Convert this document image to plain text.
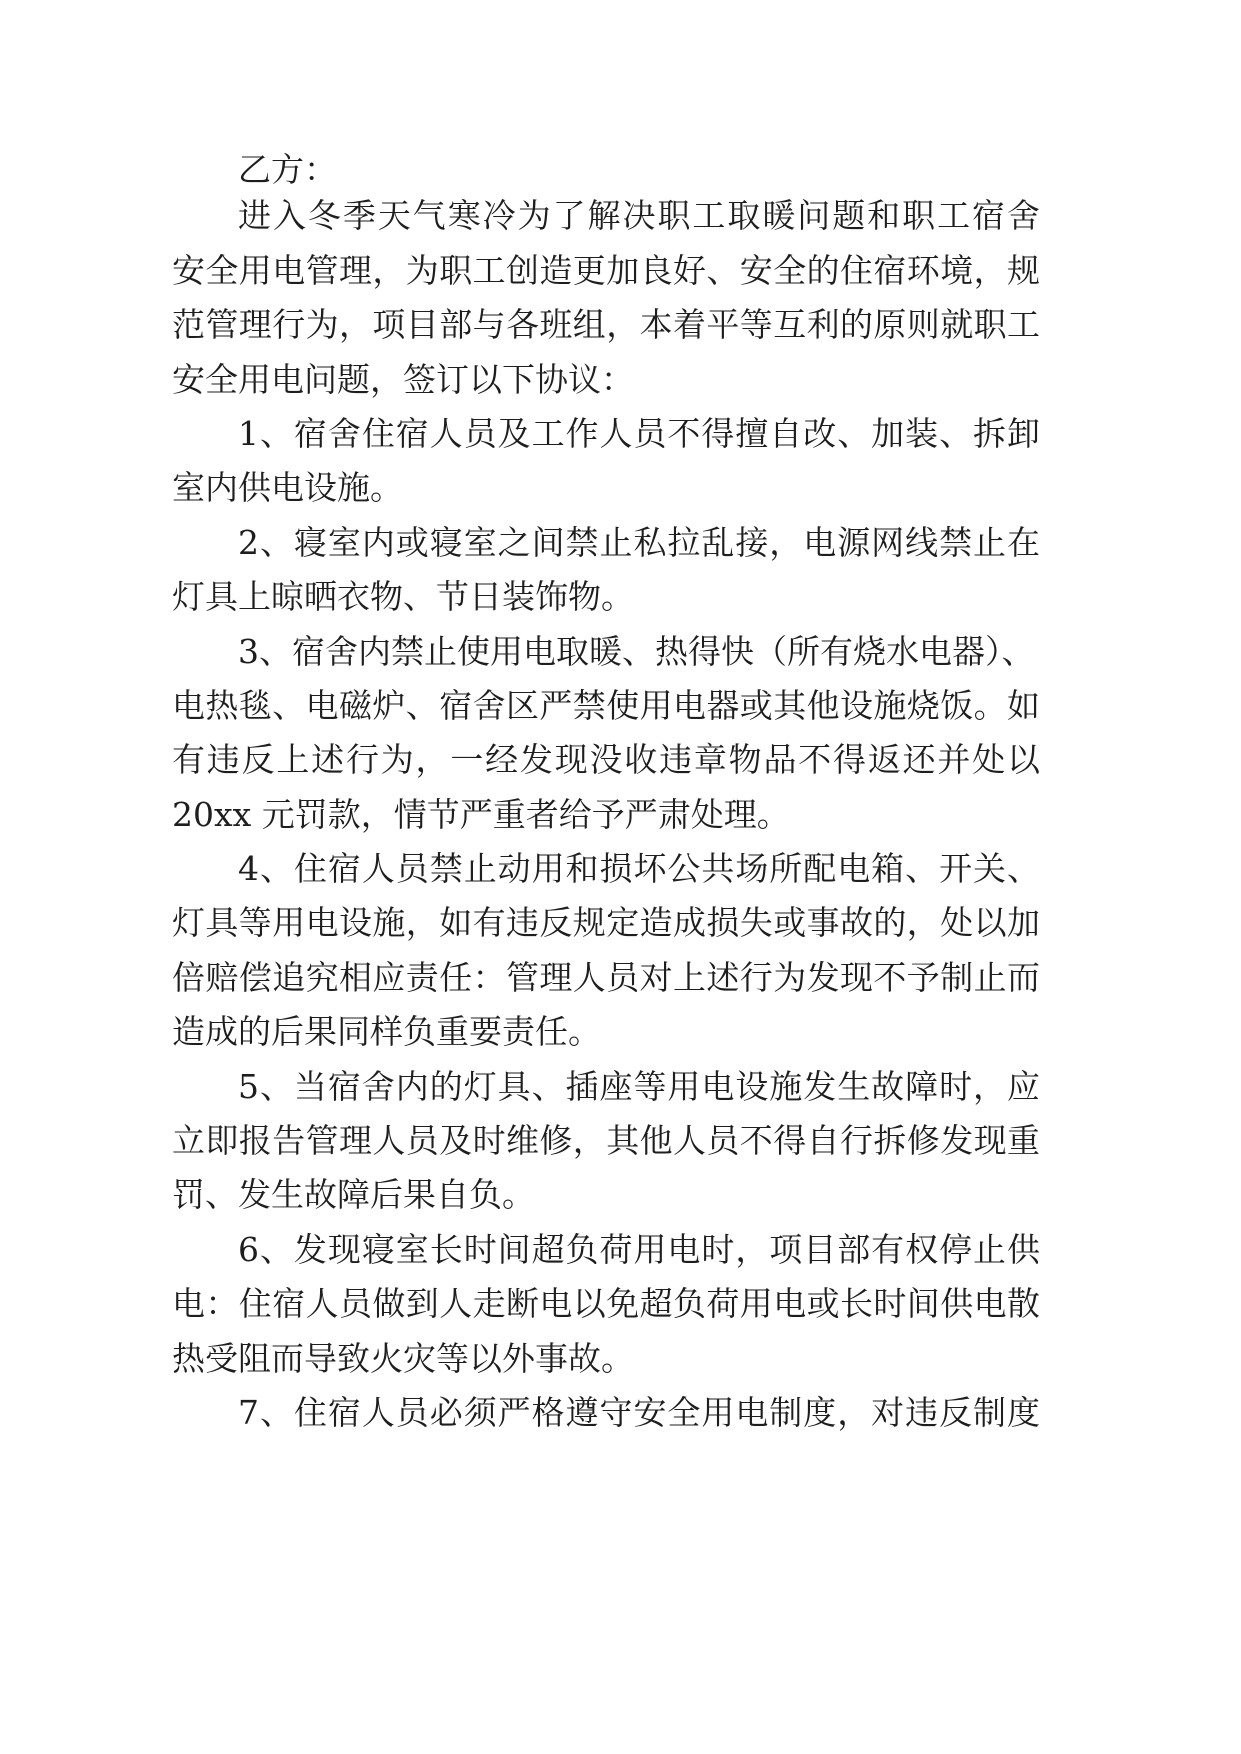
乙方：
进入冬季天气寒冷为了解决职工取暖问题和职工宿舍
安全用电管理，为职工创造更加良好、安全的住宿环境，规
范管理行为，项目部与各班组，本着平等互利的原则就职工
安全用电问题，签订以下协议：
1、宿舍住宿人员及工作人员不得擅自改、加装、拆卸
室内供电设施。
2、寝室内或寝室之间禁止私拉乱接，电源网线禁止在
灯具上晾晒衣物、节日装饰物。
3、宿舍内禁止使用电取暖、热得快（所有烧水电器）、
电热毯、电磁炉、宿舍区严禁使用电器或其他设施烧饭。如
有违反上述行为，一经发现没收违章物品不得返还并处以
20xx 元罚款，情节严重者给予严肃处理。
4、住宿人员禁止动用和损坏公共场所配电箱、开关、
灯具等用电设施，如有违反规定造成损失或事故的，处以加
倍赔偿追究相应责任：管理人员对上述行为发现不予制止而
造成的后果同样负重要责任。
5、当宿舍内的灯具、插座等用电设施发生故障时，应
立即报告管理人员及时维修，其他人员不得自行拆修发现重
罚、发生故障后果自负。
6、发现寝室长时间超负荷用电时，项目部有权停止供
电：住宿人员做到人走断电以免超负荷用电或长时间供电散
热受阻而导致火灾等以外事故。
7、住宿人员必须严格遵守安全用电制度，对违反制度
